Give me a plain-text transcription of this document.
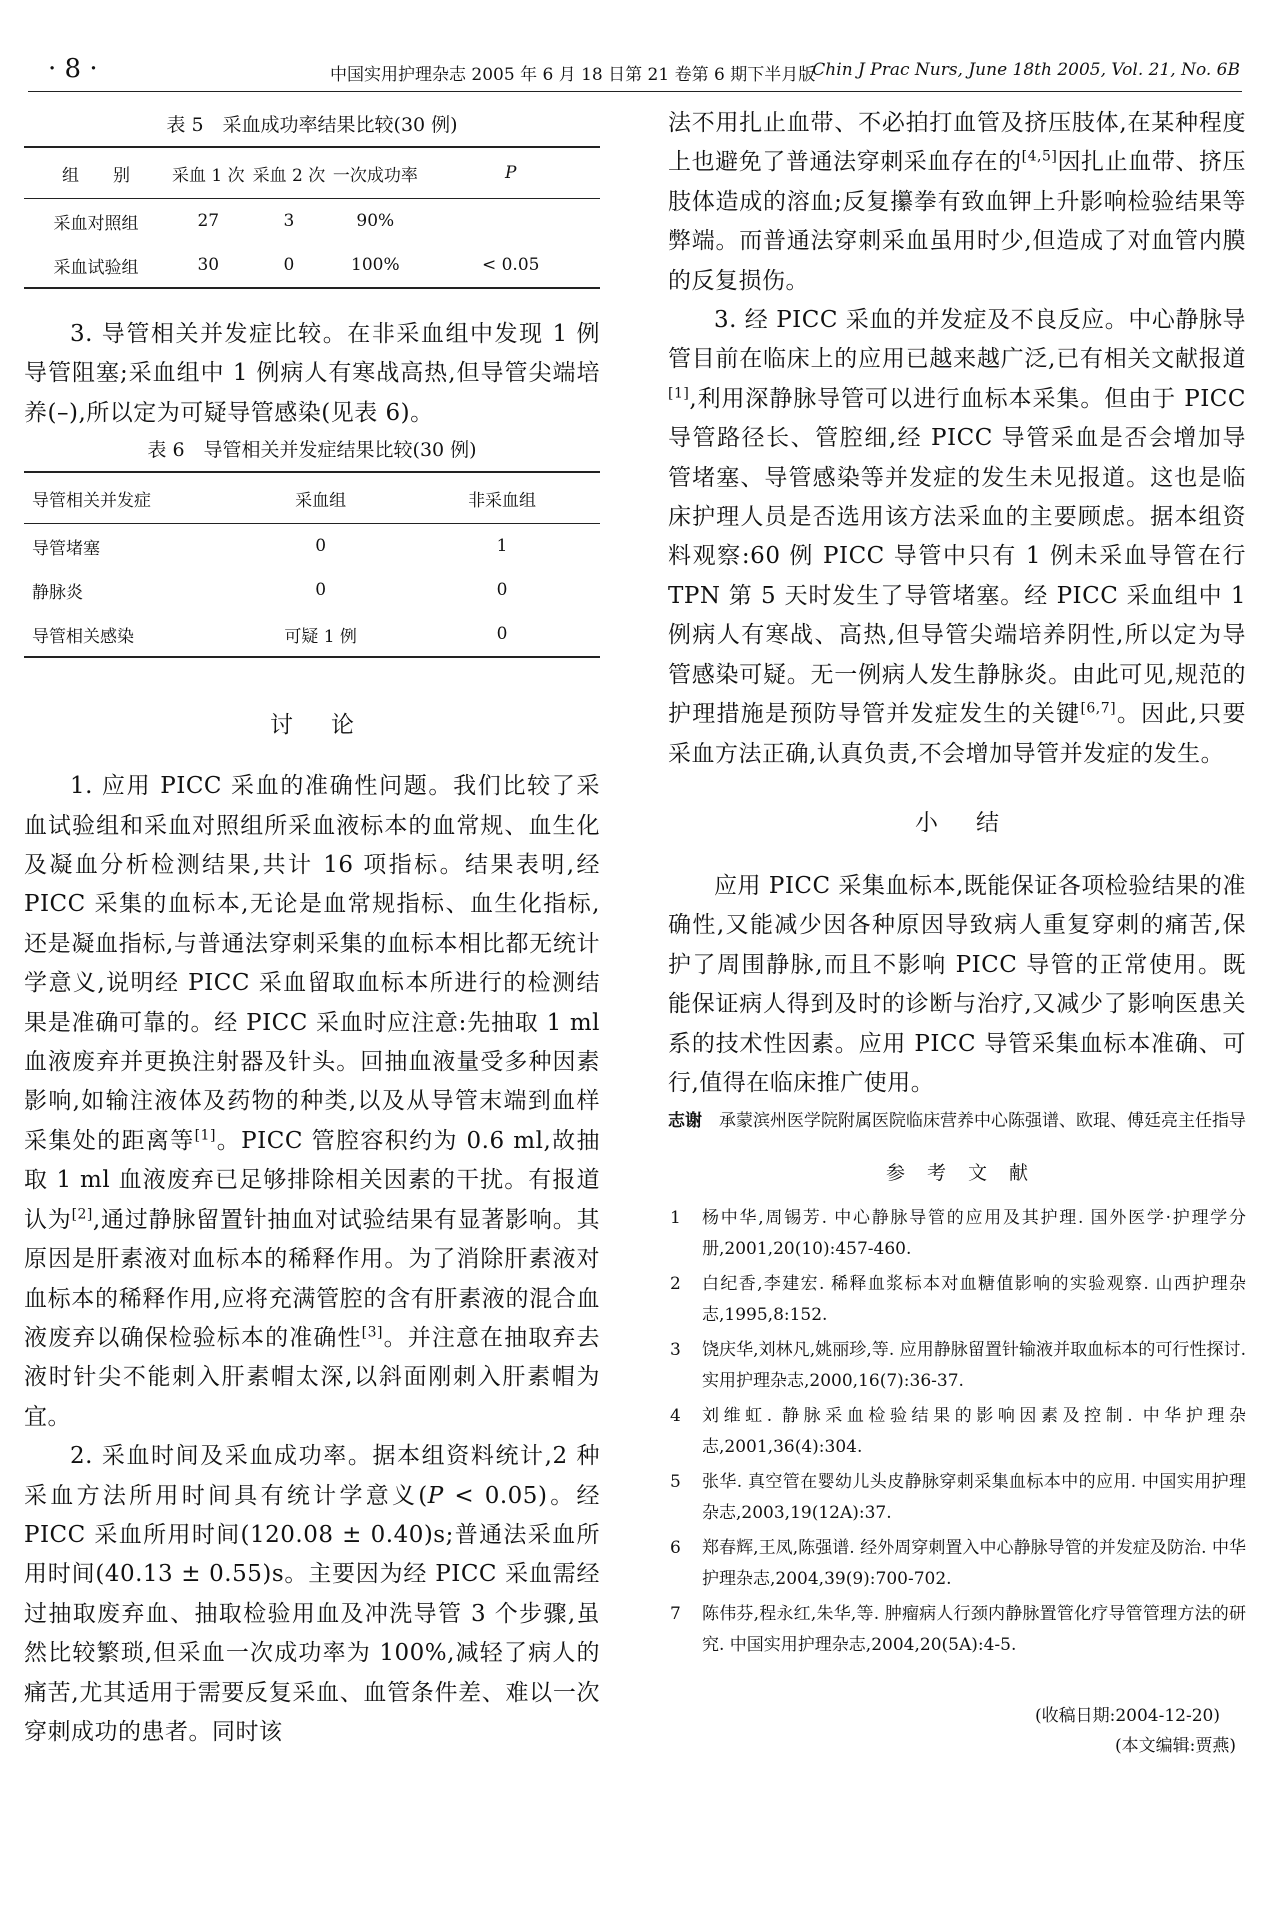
· 8 ·	中国实用护理杂志 2005 年 6 月 18 日第 21 卷第 6 期下半月版
Chin J Prac Nurs, June 18th 2005, Vol. 21, No. 6B
表 5　采血成功率结果比较(30 例)
组　　别	采血 1 次	采血 2 次	一次成功率	P
采血对照组	27	3	90%	
采血试验组	30	0	100%	< 0.05

3. 导管相关并发症比较。在非采血组中发现 1 例导管阻塞;采血组中 1 例病人有寒战高热,但导管尖端培养(–),所以定为可疑导管感染(见表 6)。

表 6　导管相关并发症结果比较(30 例)
导管相关并发症	采血组	非采血组
导管堵塞	0	1
静脉炎	0	0
导管相关感染	可疑 1 例	0
讨论

1. 应用 PICC 采血的准确性问题。我们比较了采血试验组和采血对照组所采血液标本的血常规、血生化及凝血分析检测结果,共计 16 项指标。结果表明,经 PICC 采集的血标本,无论是血常规指标、血生化指标,还是凝血指标,与普通法穿刺采集的血标本相比都无统计学意义,说明经 PICC 采血留取血标本所进行的检测结果是准确可靠的。经 PICC 采血时应注意:先抽取 1 ml 血液废弃并更换注射器及针头。回抽血液量受多种因素影响,如输注液体及药物的种类,以及从导管末端到血样采集处的距离等[1]。PICC 管腔容积约为 0.6 ml,故抽取 1 ml 血液废弃已足够排除相关因素的干扰。有报道认为[2],通过静脉留置针抽血对试验结果有显著影响。其原因是肝素液对血标本的稀释作用。为了消除肝素液对血标本的稀释作用,应将充满管腔的含有肝素液的混合血液废弃以确保检验标本的准确性[3]。并注意在抽取弃去液时针尖不能刺入肝素帽太深,以斜面刚刺入肝素帽为宜。

2. 采血时间及采血成功率。据本组资料统计,2 种采血方法所用时间具有统计学意义(P < 0.05)。经 PICC 采血所用时间(120.08 ± 0.40)s;普通法采血所用时间(40.13 ± 0.55)s。主要因为经 PICC 采血需经过抽取废弃血、抽取检验用血及冲洗导管 3 个步骤,虽然比较繁琐,但采血一次成功率为 100%,减轻了病人的痛苦,尤其适用于需要反复采血、血管条件差、难以一次穿刺成功的患者。同时该

法不用扎止血带、不必拍打血管及挤压肢体,在某种程度上也避免了普通法穿刺采血存在的[4,5]因扎止血带、挤压肢体造成的溶血;反复攥拳有致血钾上升影响检验结果等弊端。而普通法穿刺采血虽用时少,但造成了对血管内膜的反复损伤。

3. 经 PICC 采血的并发症及不良反应。中心静脉导管目前在临床上的应用已越来越广泛,已有相关文献报道[1],利用深静脉导管可以进行血标本采集。但由于 PICC 导管路径长、管腔细,经 PICC 导管采血是否会增加导管堵塞、导管感染等并发症的发生未见报道。这也是临床护理人员是否选用该方法采血的主要顾虑。据本组资料观察:60 例 PICC 导管中只有 1 例未采血导管在行 TPN 第 5 天时发生了导管堵塞。经 PICC 采血组中 1 例病人有寒战、高热,但导管尖端培养阴性,所以定为导管感染可疑。无一例病人发生静脉炎。由此可见,规范的护理措施是预防导管并发症发生的关键[6,7]。因此,只要采血方法正确,认真负责,不会增加导管并发症的发生。

小结

应用 PICC 采集血标本,既能保证各项检验结果的准确性,又能减少因各种原因导致病人重复穿刺的痛苦,保护了周围静脉,而且不影响 PICC 导管的正常使用。既能保证病人得到及时的诊断与治疗,又减少了影响医患关系的技术性因素。应用 PICC 导管采集血标本准确、可行,值得在临床推广使用。

志谢　承蒙滨州医学院附属医院临床营养中心陈强谱、欧琨、傅廷亮主任指导

参考文献
1 杨中华,周锡芳. 中心静脉导管的应用及其护理. 国外医学·护理学分册,2001,20(10):457-460.
2 白纪香,李建宏. 稀释血浆标本对血糖值影响的实验观察. 山西护理杂志,1995,8:152.
3 饶庆华,刘林凡,姚丽珍,等. 应用静脉留置针输液并取血标本的可行性探讨. 实用护理杂志,2000,16(7):36-37.
4 刘维虹. 静脉采血检验结果的影响因素及控制. 中华护理杂志,2001,36(4):304.
5 张华. 真空管在婴幼儿头皮静脉穿刺采集血标本中的应用. 中国实用护理杂志,2003,19(12A):37.
6 郑春辉,王凤,陈强谱. 经外周穿刺置入中心静脉导管的并发症及防治. 中华护理杂志,2004,39(9):700-702.
7 陈伟芬,程永红,朱华,等. 肿瘤病人行颈内静脉置管化疗导管管理方法的研究. 中国实用护理杂志,2004,20(5A):4-5.

(收稿日期:2004-12-20)

(本文编辑:贾燕)
